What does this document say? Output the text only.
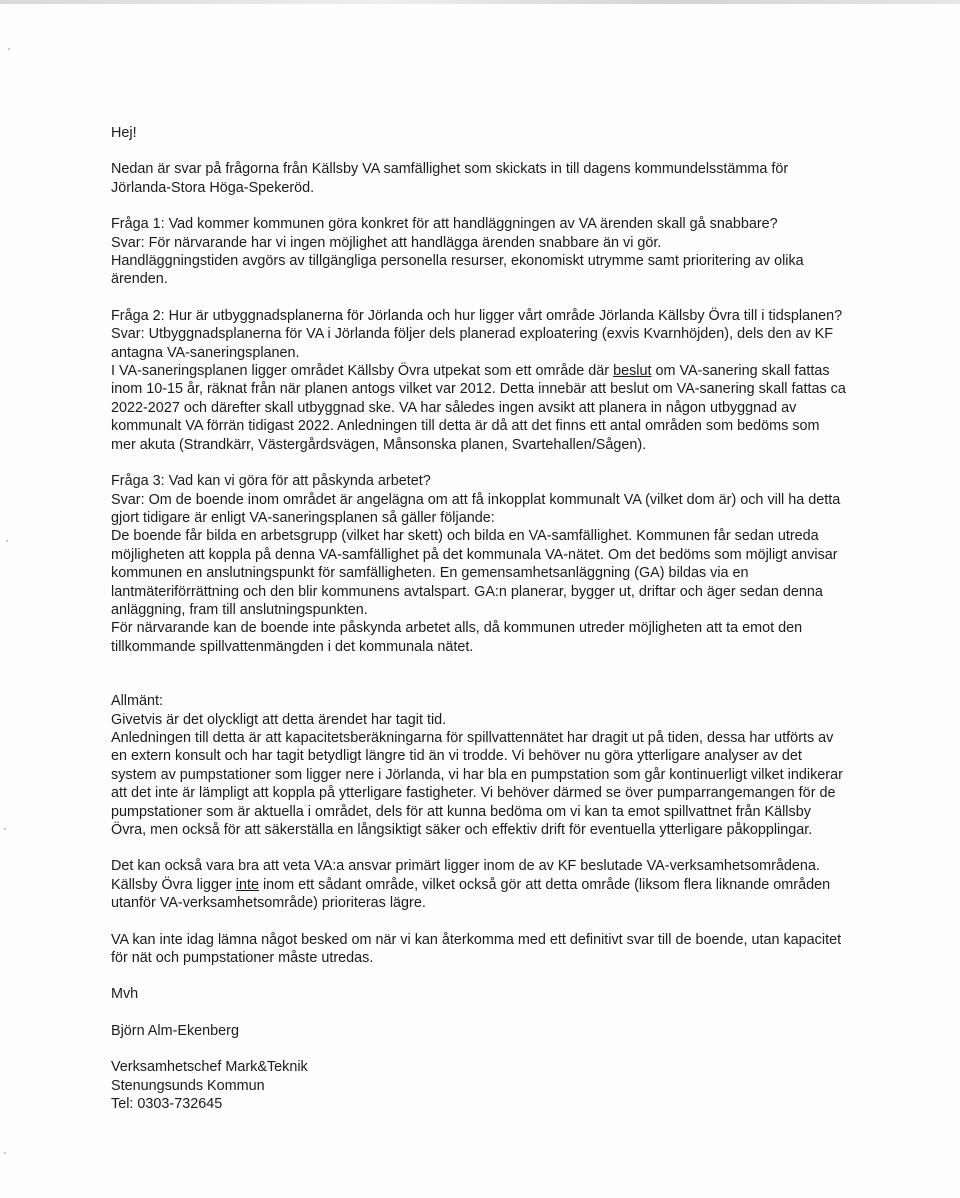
Hej!

Nedan är svar på frågorna från Källsby VA samfällighet som skickats in till dagens kommundelsstämma för Jörlanda-Stora Höga-Spekeröd.

Fråga 1: Vad kommer kommunen göra konkret för att handläggningen av VA ärenden skall gå snabbare?

Svar: För närvarande har vi ingen möjlighet att handlägga ärenden snabbare än vi gör.

Handläggningstiden avgörs av tillgängliga personella resurser, ekonomiskt utrymme samt prioritering av olika ärenden.

Fråga 2: Hur är utbyggnadsplanerna för Jörlanda och hur ligger vårt område Jörlanda Källsby Övra till i tidsplanen?

Svar: Utbyggnadsplanerna för VA i Jörlanda följer dels planerad exploatering (exvis Kvarnhöjden), dels den av KF antagna VA-saneringsplanen.

I VA-saneringsplanen ligger området Källsby Övra utpekat som ett område där beslut om VA-sanering skall fattas inom 10-15 år, räknat från när planen antogs vilket var 2012. Detta innebär att beslut om VA-sanering skall fattas ca 2022-2027 och därefter skall utbyggnad ske. VA har således ingen avsikt att planera in någon utbyggnad av kommunalt VA förrän tidigast 2022. Anledningen till detta är då att det finns ett antal områden som bedöms som mer akuta (Strandkärr, Västergårdsvägen, Månsonska planen, Svartehallen/Sågen).

Fråga 3: Vad kan vi göra för att påskynda arbetet?

Svar: Om de boende inom området är angelägna om att få inkopplat kommunalt VA (vilket dom är) och vill ha detta gjort tidigare är enligt VA-saneringsplanen så gäller följande:

De boende får bilda en arbetsgrupp (vilket har skett) och bilda en VA-samfällighet. Kommunen får sedan utreda möjligheten att koppla på denna VA-samfällighet på det kommunala VA-nätet. Om det bedöms som möjligt anvisar kommunen en anslutningspunkt för samfälligheten. En gemensamhetsanläggning (GA) bildas via en lantmäteriförrättning och den blir kommunens avtalspart. GA:n planerar, bygger ut, driftar och äger sedan denna anläggning, fram till anslutningspunkten.

För närvarande kan de boende inte påskynda arbetet alls, då kommunen utreder möjligheten att ta emot den tillkommande spillvattenmängden i det kommunala nätet.

Allmänt:

Givetvis är det olyckligt att detta ärendet har tagit tid.

Anledningen till detta är att kapacitetsberäkningarna för spillvattennätet har dragit ut på tiden, dessa har utförts av en extern konsult och har tagit betydligt längre tid än vi trodde. Vi behöver nu göra ytterligare analyser av det system av pumpstationer som ligger nere i Jörlanda, vi har bla en pumpstation som går kontinuerligt vilket indikerar att det inte är lämpligt att koppla på ytterligare fastigheter. Vi behöver därmed se över pumparrangemangen för de pumpstationer som är aktuella i området, dels för att kunna bedöma om vi kan ta emot spillvattnet från Källsby Övra, men också för att säkerställa en långsiktigt säker och effektiv drift för eventuella ytterligare påkopplingar.

Det kan också vara bra att veta VA:a ansvar primärt ligger inom de av KF beslutade VA-verksamhetsområdena. Källsby Övra ligger inte inom ett sådant område, vilket också gör att detta område (liksom flera liknande områden utanför VA-verksamhetsområde) prioriteras lägre.

VA kan inte idag lämna något besked om när vi kan återkomma med ett definitivt svar till de boende, utan kapacitet för nät och pumpstationer måste utredas.

Mvh

Björn Alm-Ekenberg

Verksamhetschef Mark&Teknik

Stenungsunds Kommun

Tel: 0303-732645
